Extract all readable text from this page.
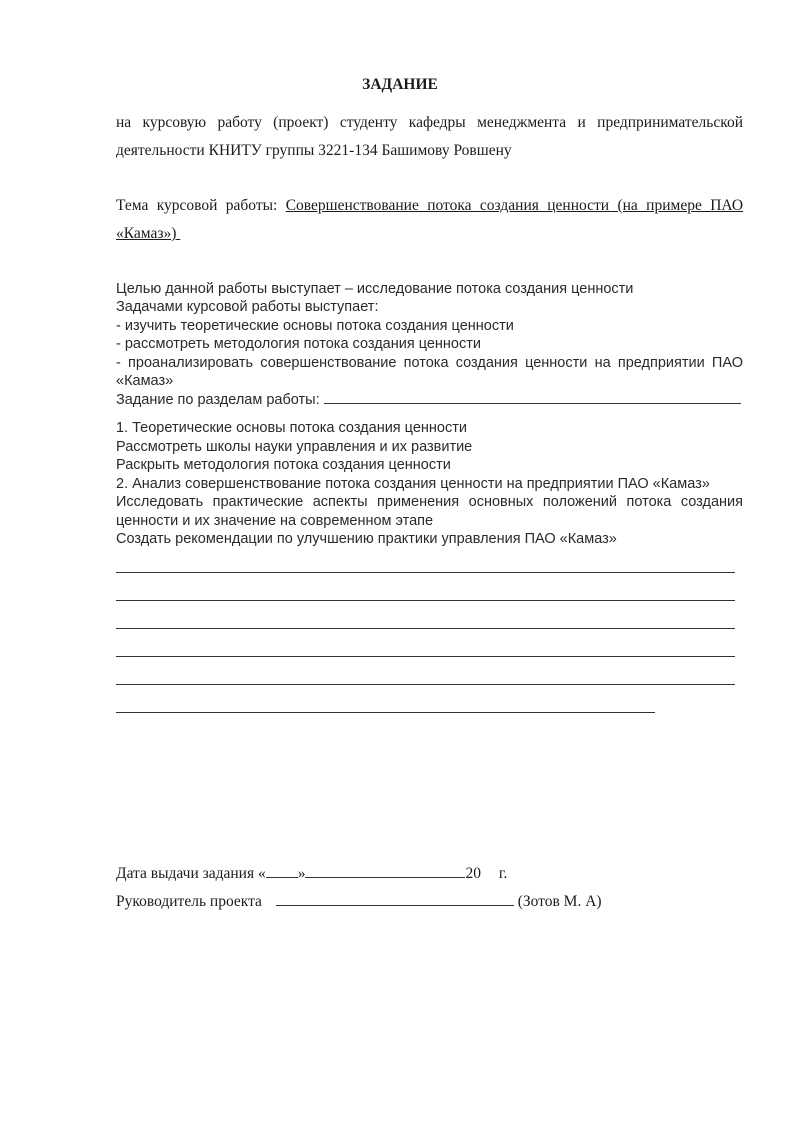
ЗАДАНИЕ
на курсовую работу (проект) студенту кафедры менеджмента и предпринимательской
деятельности КНИТУ группы 3221-134 Башимову Ровшену
Тема курсовой работы: Совершенствование потока создания ценности (на примере ПАО
«Камаз»)
Целью данной работы выступает – исследование потока создания ценности
Задачами курсовой работы выступает:
- изучить теоретические основы потока создания ценности
- рассмотреть методология потока создания ценности
- проанализировать совершенствование потока создания ценности на предприятии ПАО
«Камаз»
Задание по разделам работы:
1. Теоретические основы потока создания ценности
Рассмотреть школы науки управления и их развитие
Раскрыть методология потока создания ценности
2. Анализ совершенствование потока создания ценности на предприятии ПАО «Камаз»
Исследовать практические аспекты применения основных положений потока создания
ценности и их значение на современном этапе
Создать рекомендации по улучшению практики управления ПАО «Камаз»
Дата выдачи задания « »	20 г.
Руководитель проекта	(Зотов М. А)
